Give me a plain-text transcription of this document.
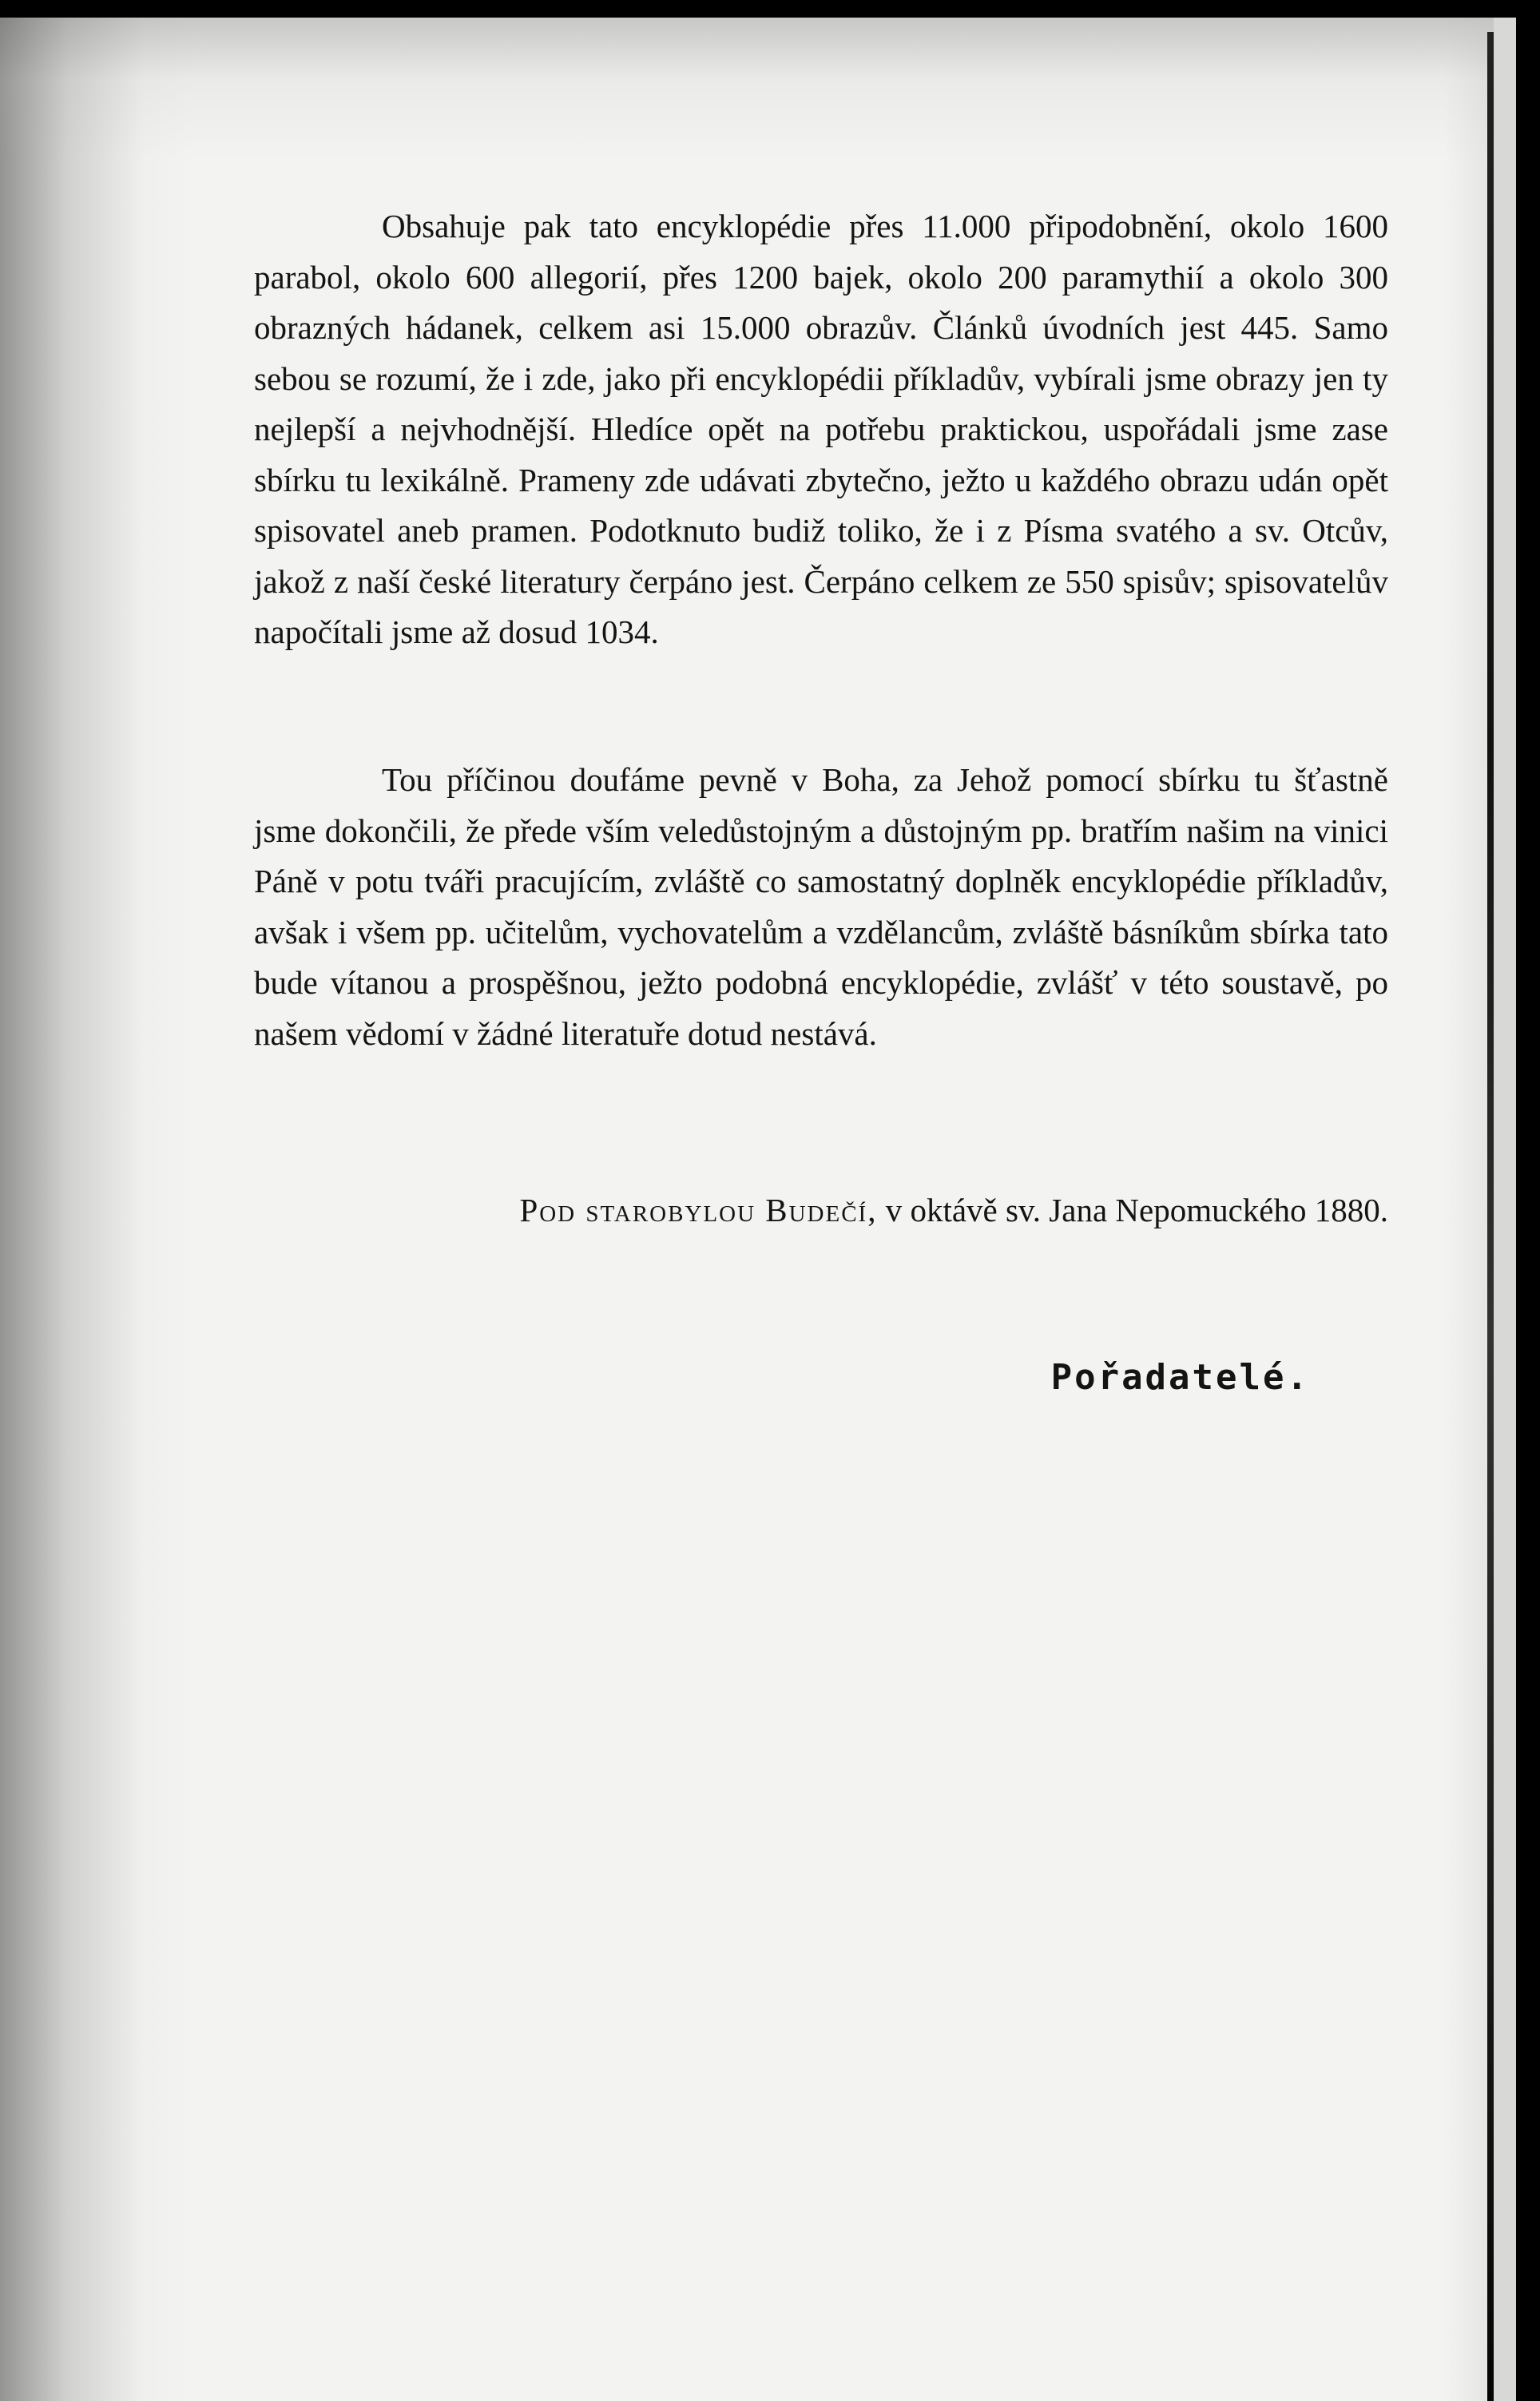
Obsahuje pak tato encyklopédie přes 11.000 připodobnění, okolo 1600 parabol, okolo 600 allegorií, přes 1200 bajek, okolo 200 paramythií a okolo 300 obrazných hádanek, celkem asi 15.000 obrazův. Článků úvodních jest 445. Samo sebou se rozumí, že i zde, jako při encyklopédii příkladův, vybírali jsme obrazy jen ty nejlepší a nejvhodnější. Hledíce opět na potřebu praktickou, uspořádali jsme zase sbírku tu lexikálně. Prameny zde udávati zbytečno, ježto u každého obrazu udán opět spisovatel aneb pramen. Podotknuto budiž toliko, že i z Písma svatého a sv. Otcův, jakož z naší české literatury čerpáno jest. Čerpáno celkem ze 550 spisův; spisovatelův napočítali jsme až dosud 1034.

Tou příčinou doufáme pevně v Boha, za Jehož pomocí sbírku tu šťastně jsme dokončili, že přede vším veledůstojným a důstojným pp. bratřím našim na vinici Páně v potu tváři pracujícím, zvláště co samostatný doplněk encyklopédie příkladův, avšak i všem pp. učitelům, vychovatelům a vzdělancům, zvláště básníkům sbírka tato bude vítanou a prospěšnou, ježto podobná encyklopédie, zvlášť v této soustavě, po našem vědomí v žádné literatuře dotud nestává.

Pod starobylou Budečí, v oktávě sv. Jana Nepomuckého 1880.
Pořadatelé.
